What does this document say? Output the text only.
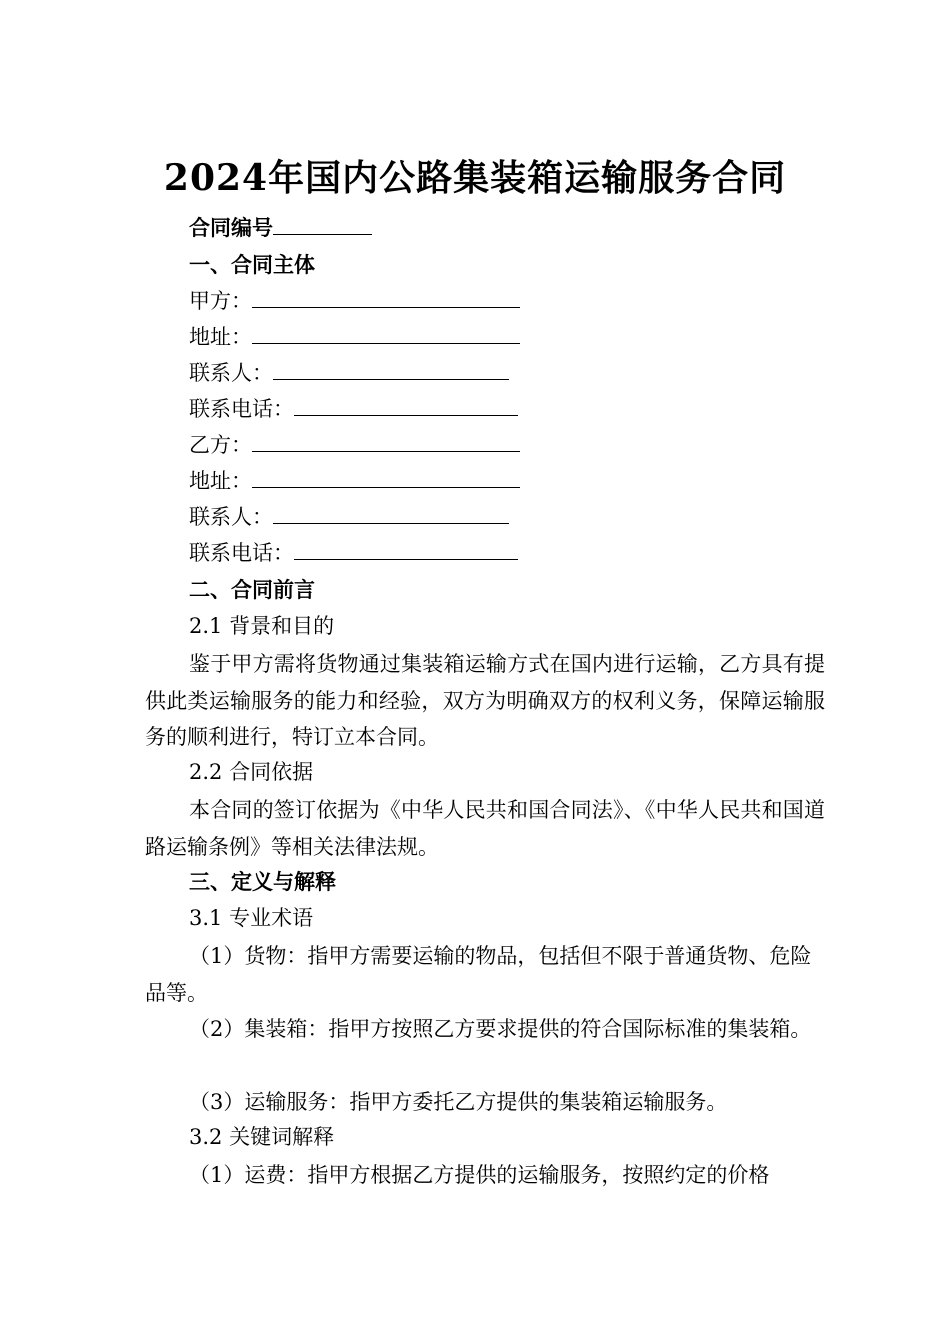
2024年国内公路集装箱运输服务合同
合同编号
一、合同主体
甲方：
地址：
联系人：
联系电话：
乙方：
地址：
联系人：
联系电话：
二、合同前言
2.1 背景和目的

鉴于甲方需将货物通过集装箱运输方式在国内进行运输，乙方具有提供此类运输服务的能力和经验，双方为明确双方的权利义务，保障运输服务的顺利进行，特订立本合同。

2.2 合同依据

本合同的签订依据为《中华人民共和国合同法》、《中华人民共和国道路运输条例》等相关法律法规。

三、定义与解释
3.1 专业术语

（1）货物：指甲方需要运输的物品，包括但不限于普通货物、危险品等。

（2）集装箱：指甲方按照乙方要求提供的符合国际标准的集装箱。

（3）运输服务：指甲方委托乙方提供的集装箱运输服务。

3.2 关键词解释

（1）运费：指甲方根据乙方提供的运输服务，按照约定的价格
